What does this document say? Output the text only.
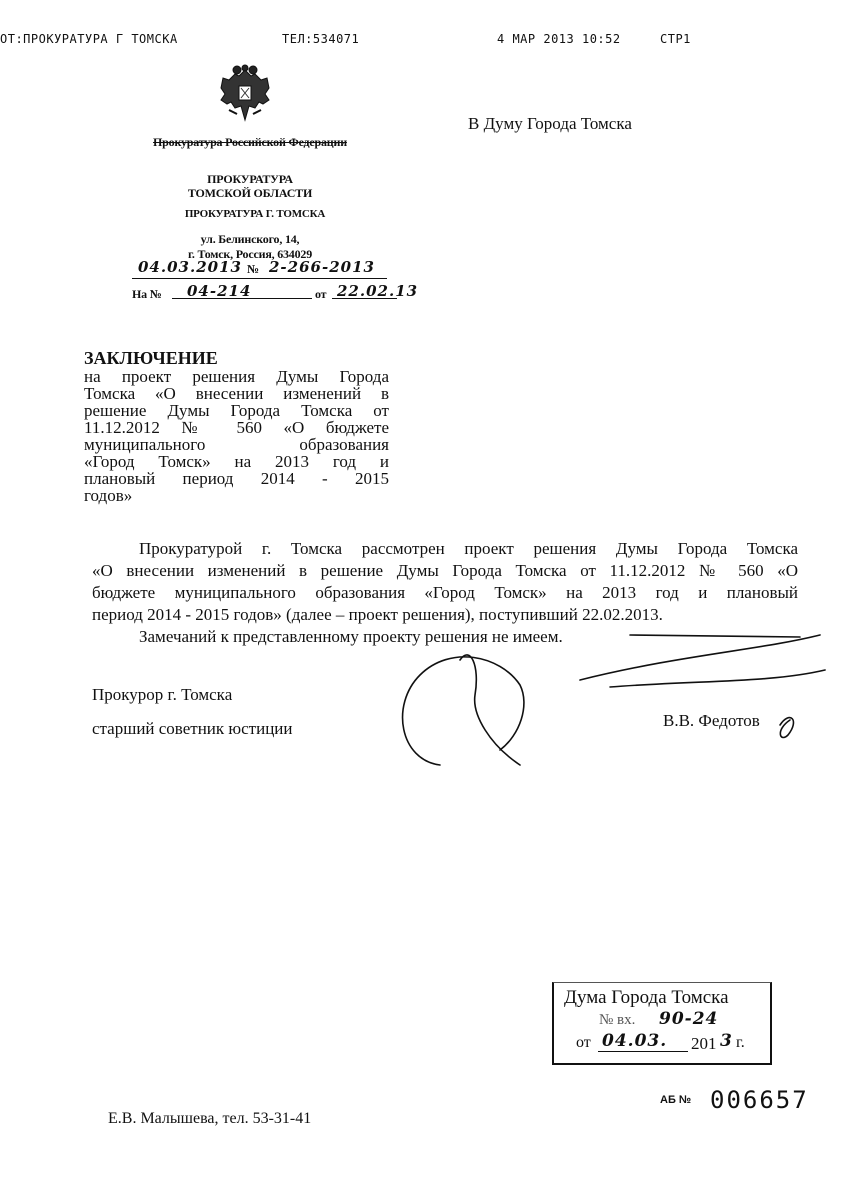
ОТ:ПРОКУРАТУРА Г ТОМСКА	ТЕЛ:534071	4 МАР 2013 10:52	СТР1
Прокуратура Российской Федерации
ПРОКУРАТУРА
ТОМСКОЙ ОБЛАСТИ
ПРОКУРАТУРА Г. ТОМСКА
ул. Белинского, 14,
г. Томск, Россия, 634029
04.03.2013 № 2-266-2013
На № 04-214	от 22.02.13
В Думу Города Томска
ЗАКЛЮЧЕНИЕ
на проект решения Думы Города
Томска «О внесении изменений в
решение Думы Города Томска от
11.12.2012 № 560 «О бюджете
муниципального образования
«Город Томск» на 2013 год и
плановый период 2014 - 2015
годов»
Прокуратурой г. Томска рассмотрен проект решения Думы Города Томска
«О внесении изменений в решение Думы Города Томска от 11.12.2012 № 560 «О
бюджете муниципального образования «Город Томск» на 2013 год и плановый
период 2014 - 2015 годов» (далее – проект решения), поступивший 22.02.2013.
Замечаний к представленному проекту решения не имеем.
Прокурор г. Томска
старший советник юстиции	В.В. Федотов
Дума Города Томска
№ вх. 90-24
от 04.03. 201 3 г.
Е.В. Малышева, тел. 53-31-41
АБ № 006657
